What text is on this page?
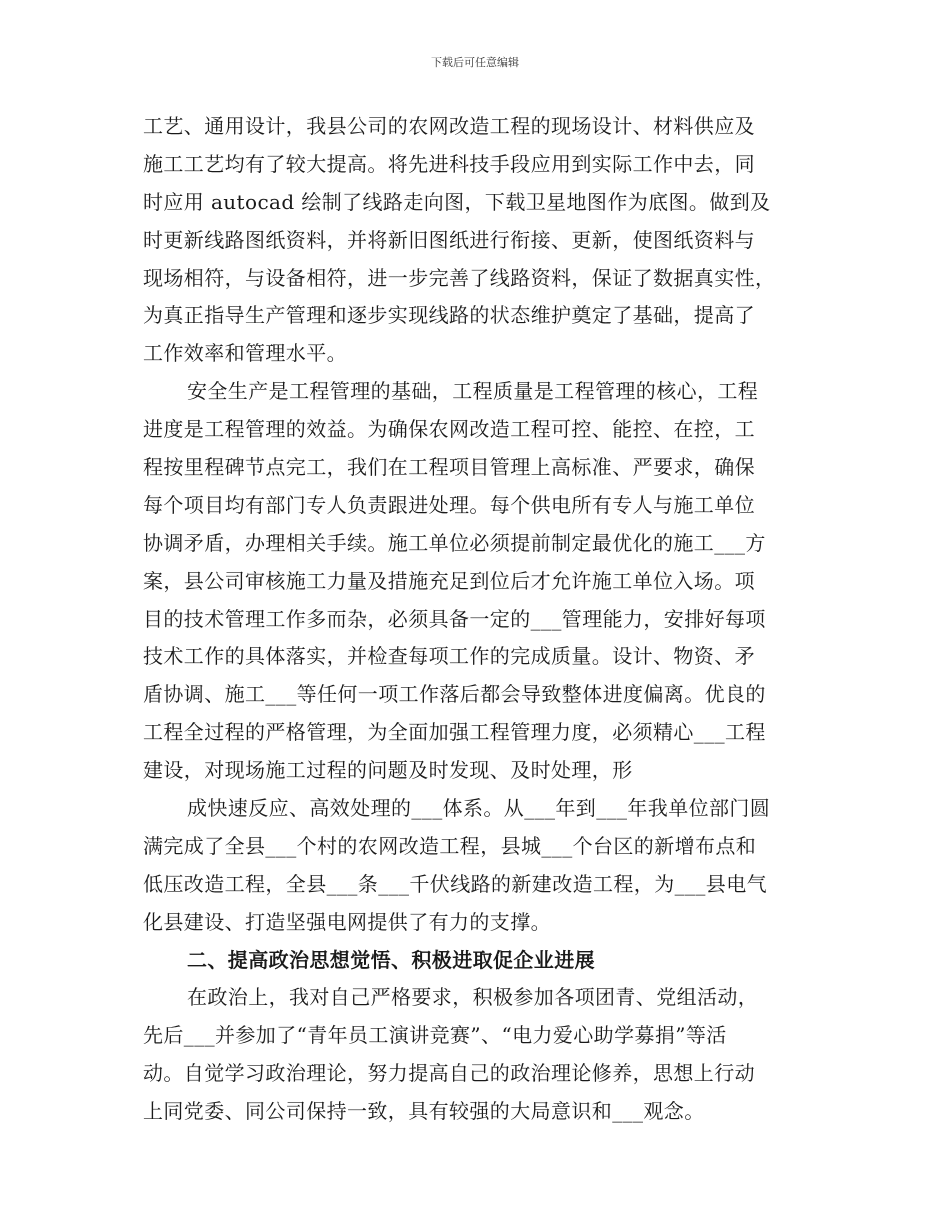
下载后可任意编辑
工艺、通用设计，我县公司的农网改造工程的现场设计、材料供应及
施工工艺均有了较大提高。将先进科技手段应用到实际工作中去，同
时应用 autocad 绘制了线路走向图，下载卫星地图作为底图。做到及
时更新线路图纸资料，并将新旧图纸进行衔接、更新，使图纸资料与
现场相符，与设备相符，进一步完善了线路资料，保证了数据真实性，
为真正指导生产管理和逐步实现线路的状态维护奠定了基础，提高了
工作效率和管理水平。
安全生产是工程管理的基础，工程质量是工程管理的核心，工程
进度是工程管理的效益。为确保农网改造工程可控、能控、在控，工
程按里程碑节点完工，我们在工程项目管理上高标准、严要求，确保
每个项目均有部门专人负责跟进处理。每个供电所有专人与施工单位
协调矛盾，办理相关手续。施工单位必须提前制定最优化的施工___方
案，县公司审核施工力量及措施充足到位后才允许施工单位入场。项
目的技术管理工作多而杂，必须具备一定的___管理能力，安排好每项
技术工作的具体落实，并检查每项工作的完成质量。设计、物资、矛
盾协调、施工___等任何一项工作落后都会导致整体进度偏离。优良的
工程全过程的严格管理，为全面加强工程管理力度，必须精心___工程
建设，对现场施工过程的问题及时发现、及时处理，形
成快速反应、高效处理的___体系。从___年到___年我单位部门圆
满完成了全县___个村的农网改造工程，县城___个台区的新增布点和
低压改造工程，全县___条___千伏线路的新建改造工程，为___县电气
化县建设、打造坚强电网提供了有力的支撑。
二、提高政治思想觉悟、积极进取促企业进展
在政治上，我对自己严格要求，积极参加各项团青、党组活动，
先后___并参加了“青年员工演讲竞赛”、“电力爱心助学募捐”等活
动。自觉学习政治理论，努力提高自己的政治理论修养，思想上行动
上同党委、同公司保持一致，具有较强的大局意识和___观念。
